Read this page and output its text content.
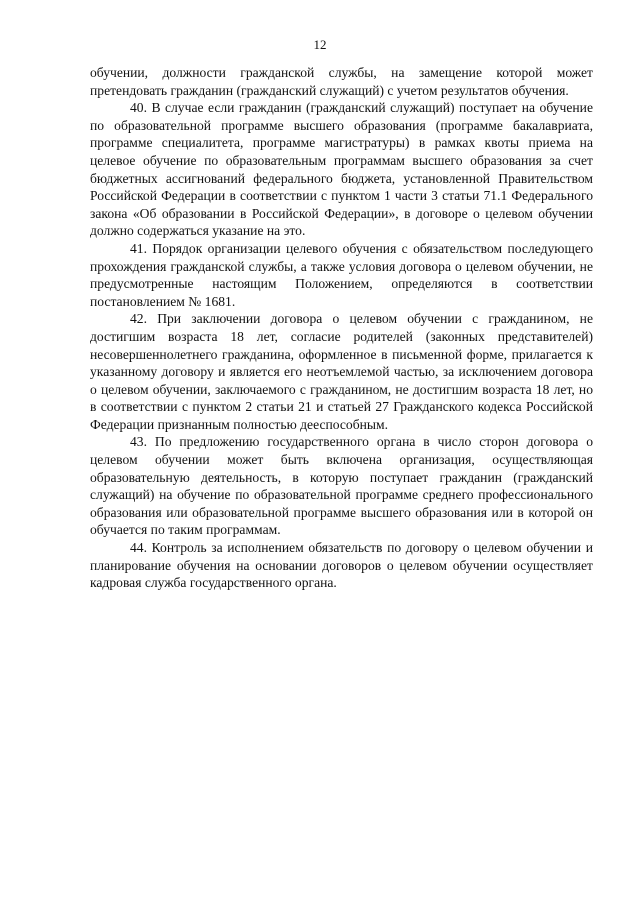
12

обучении, должности гражданской службы, на замещение которой может претендовать гражданин (гражданский служащий) с учетом результатов обучения.

40. В случае если гражданин (гражданский служащий) поступает на обучение по образовательной программе высшего образования (программе бакалавриата, программе специалитета, программе магистратуры) в рамках квоты приема на целевое обучение по образовательным программам высшего образования за счет бюджетных ассигнований федерального бюджета, установленной Правительством Российской Федерации в соответствии с пунктом 1 части 3 статьи 71.1 Федерального закона «Об образовании в Российской Федерации», в договоре о целевом обучении должно содержаться указание на это.

41. Порядок организации целевого обучения с обязательством последующего прохождения гражданской службы, а также условия договора о целевом обучении, не предусмотренные настоящим Положением, определяются в соответствии постановлением № 1681.

42. При заключении договора о целевом обучении с гражданином, не достигшим возраста 18 лет, согласие родителей (законных представителей) несовершеннолетнего гражданина, оформленное в письменной форме, прилагается к указанному договору и является его неотъемлемой частью, за исключением договора о целевом обучении, заключаемого с гражданином, не достигшим возраста 18 лет, но в соответствии с пунктом 2 статьи 21 и статьей 27 Гражданского кодекса Российской Федерации признанным полностью дееспособным.

43. По предложению государственного органа в число сторон договора о целевом обучении может быть включена организация, осуществляющая образовательную деятельность, в которую поступает гражданин (гражданский служащий) на обучение по образовательной программе среднего профессионального образования или образовательной программе высшего образования или в которой он обучается по таким программам.

44. Контроль за исполнением обязательств по договору о целевом обучении и планирование обучения на основании договоров о целевом обучении осуществляет кадровая служба государственного органа.
